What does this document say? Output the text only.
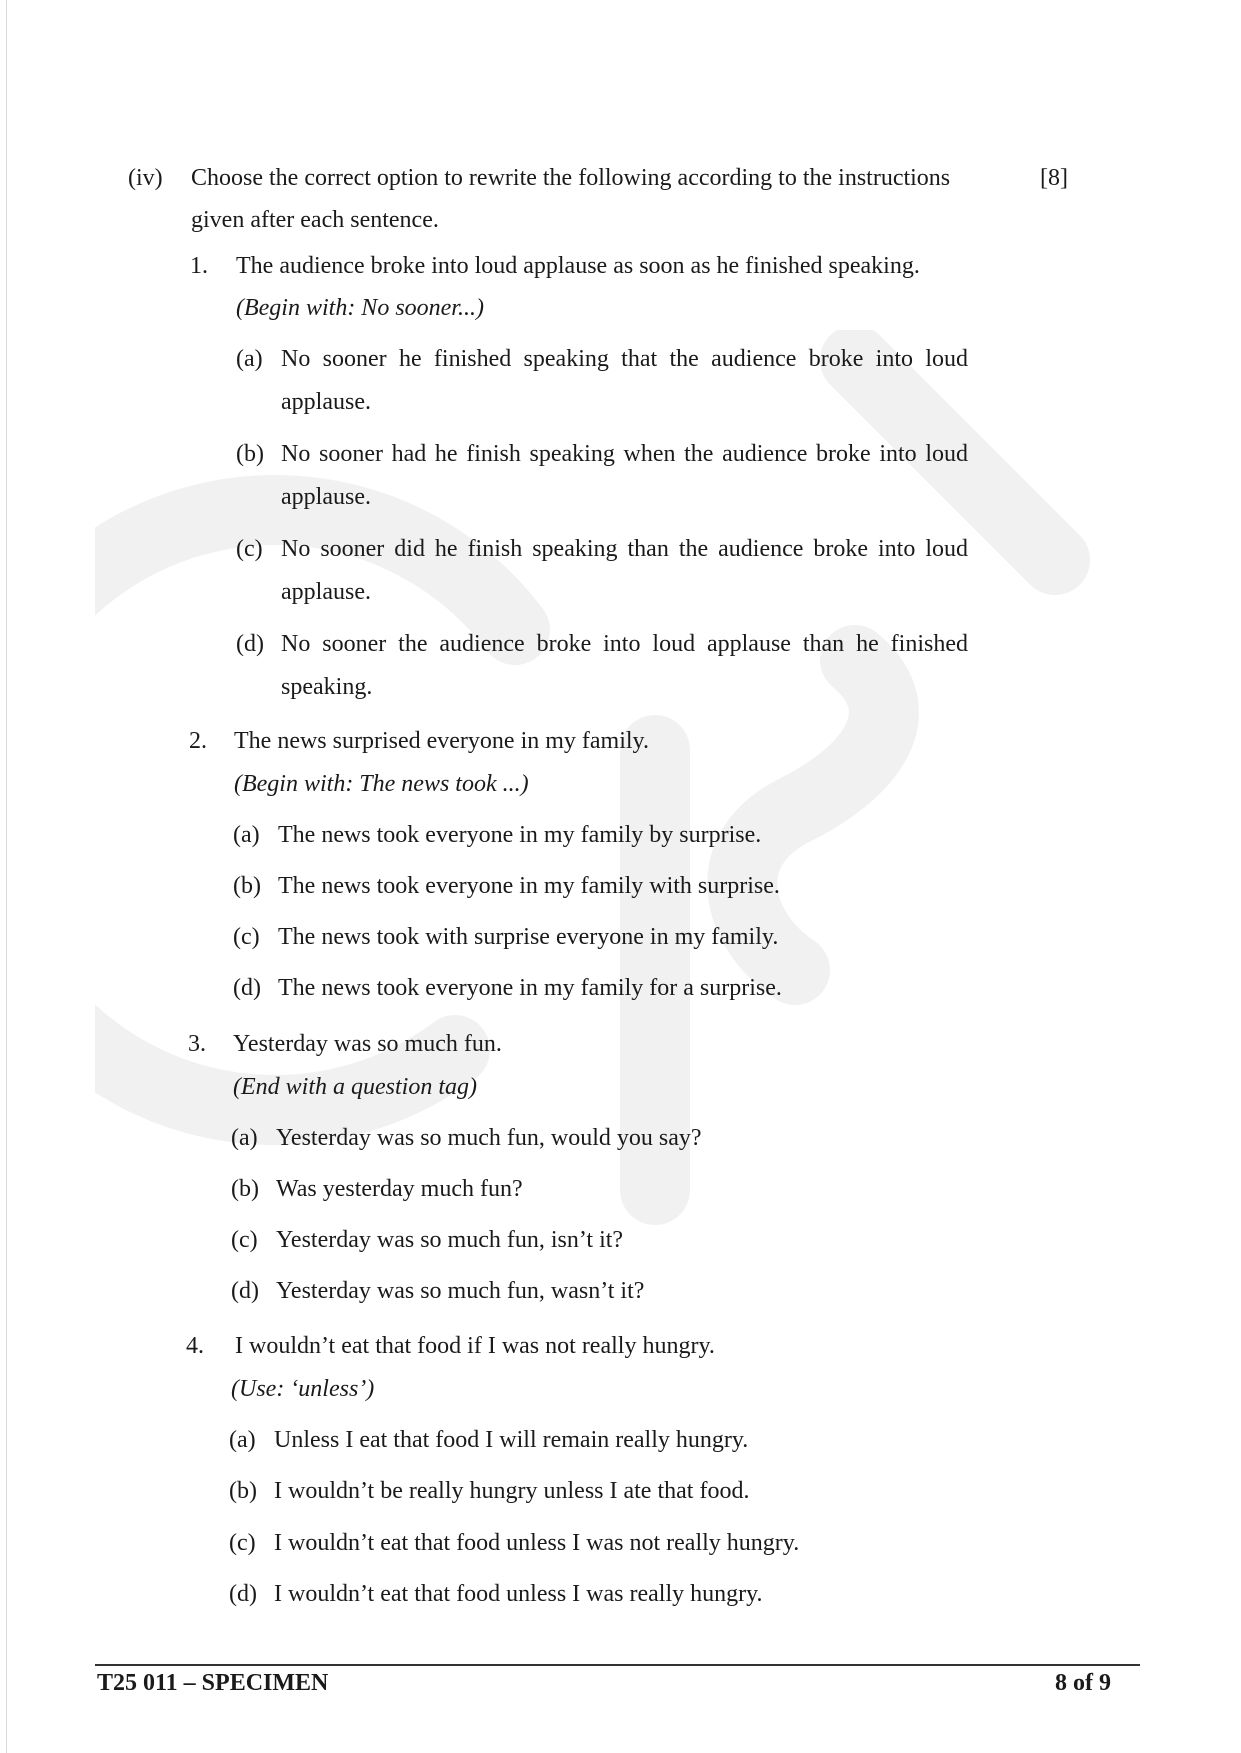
(iv) Choose the correct option to rewrite the following according to the instructions
given after each sentence.
[8]
1. The audience broke into loud applause as soon as he finished speaking.
(Begin with: No sooner...)
(a) No sooner he finished speaking that the audience broke into loud
applause.
(b) No sooner had he finish speaking when the audience broke into loud
applause.
(c) No sooner did he finish speaking than the audience broke into loud
applause.
(d) No sooner the audience broke into loud applause than he finished
speaking.
2. The news surprised everyone in my family.
(Begin with: The news took ...)
(a) The news took everyone in my family by surprise.
(b) The news took everyone in my family with surprise.
(c) The news took with surprise everyone in my family.
(d) The news took everyone in my family for a surprise.
3. Yesterday was so much fun.
(End with a question tag)
(a) Yesterday was so much fun, would you say?
(b) Was yesterday much fun?
(c) Yesterday was so much fun, isn’t it?
(d) Yesterday was so much fun, wasn’t it?
4. I wouldn’t eat that food if I was not really hungry.
(Use: ‘unless’)
(a) Unless I eat that food I will remain really hungry.
(b) I wouldn’t be really hungry unless I ate that food.
(c) I wouldn’t eat that food unless I was not really hungry.
(d) I wouldn’t eat that food unless I was really hungry.
T25 011 – SPECIMEN	8 of 9
